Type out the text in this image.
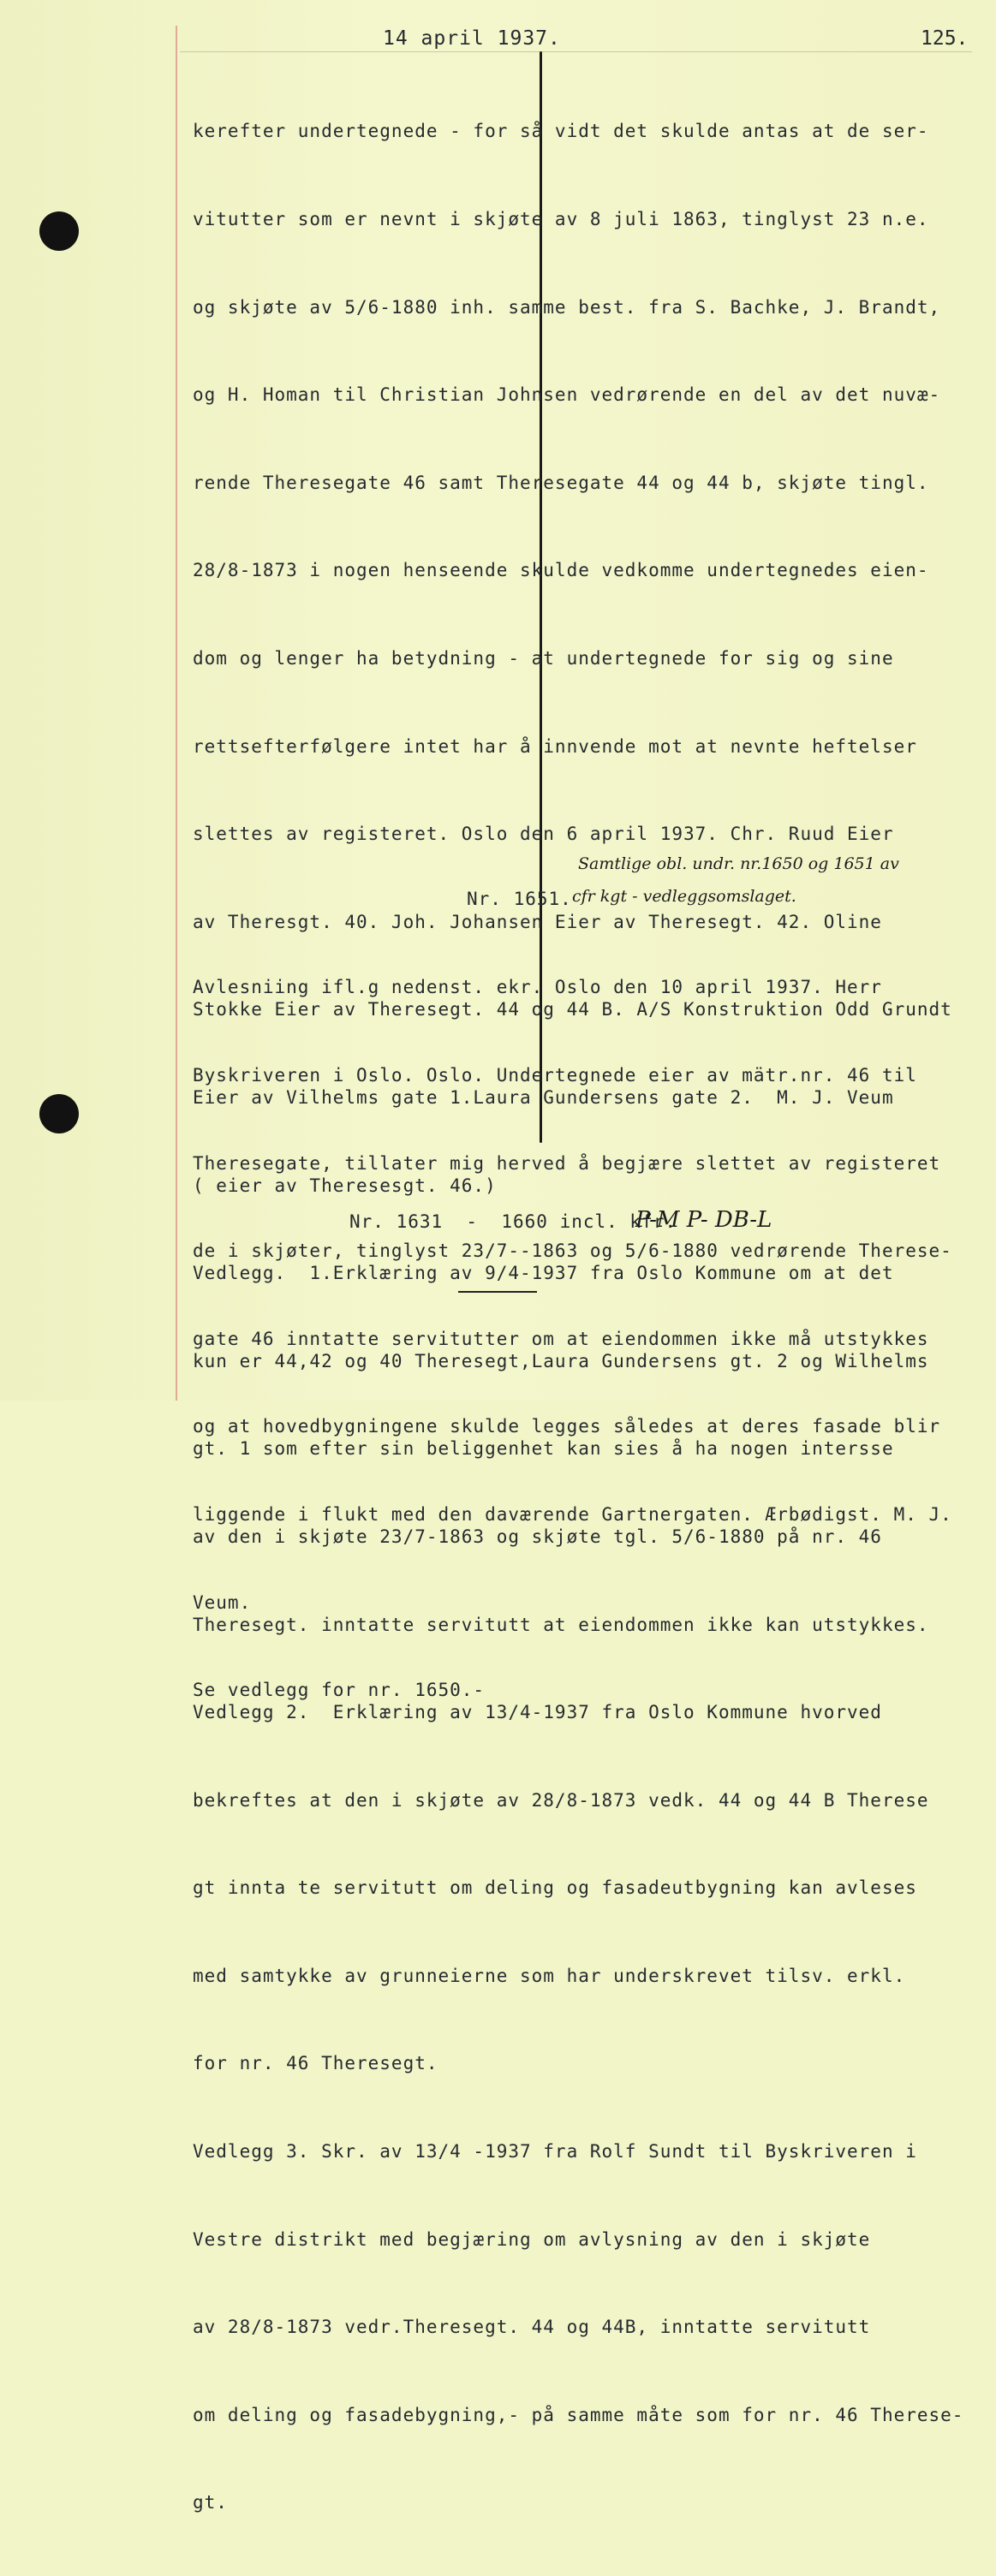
14 april 1937.	125.

kerefter undertegnede - for så vidt det skulde antas at de ser-

vitutter som er nevnt i skjøte av 8 juli 1863, tinglyst 23 n.e.

og skjøte av 5/6-1880 inh. samme best. fra S. Bachke, J. Brandt,

og H. Homan til Christian Johnsen vedrørende en del av det nuvæ-

rende Theresegate 46 samt Theresegate 44 og 44 b, skjøte tingl.

28/8-1873 i nogen henseende skulde vedkomme undertegnedes eien-

dom og lenger ha betydning - at undertegnede for sig og sine

rettsefterfølgere intet har å innvende mot at nevnte heftelser

slettes av registeret. Oslo den 6 april 1937. Chr. Ruud Eier

av Theresgt. 40. Joh. Johansen Eier av Theresegt. 42. Oline

Stokke Eier av Theresegt. 44 og 44 B. A/S Konstruktion Odd Grundt

Eier av Vilhelms gate 1.Laura Gundersens gate 2.  M. J. Veum

( eier av Theresesgt. 46.)

Vedlegg.  1.Erklæring av 9/4-1937 fra Oslo Kommune om at det

kun er 44,42 og 40 Theresegt,Laura Gundersens gt. 2 og Wilhelms

gt. 1 som efter sin beliggenhet kan sies å ha nogen intersse

av den i skjøte 23/7-1863 og skjøte tgl. 5/6-1880 på nr. 46

Theresegt. inntatte servitutt at eiendommen ikke kan utstykkes.

Vedlegg 2.  Erklæring av 13/4-1937 fra Oslo Kommune hvorved

bekreftes at den i skjøte av 28/8-1873 vedk. 44 og 44 B Therese

gt innta te servitutt om deling og fasadeutbygning kan avleses

med samtykke av grunneierne som har underskrevet tilsv. erkl.

for nr. 46 Theresegt.

Vedlegg 3. Skr. av 13/4 -1937 fra Rolf Sundt til Byskriveren i

Vestre distrikt med begjæring om avlysning av den i skjøte

av 28/8-1873 vedr.Theresegt. 44 og 44B, inntatte servitutt

om deling og fasadebygning,- på samme måte som for nr. 46 Therese-

gt.

Samtlige obl. undr. nr.1650 og 1651 av
Nr. 1651. cfr kgt - vedleggsomslaget.

Avlesniing ifl.g nedenst. ekr. Oslo den 10 april 1937. Herr

Byskriveren i Oslo. Oslo. Undertegnede eier av mätr.nr. 46 til

Theresegate, tillater mig herved å begjære slettet av registeret

de i skjøter, tinglyst 23/7--1863 og 5/6-1880 vedrørende Therese-

gate 46 inntatte servitutter om at eiendommen ikke må utstykkes

og at hovedbygningene skulde legges således at deres fasade blir

liggende i flukt med den daværende Gartnergaten. Ærbødigst. M. J.

Veum.

Se vedlegg for nr. 1650.-

Nr. 1631  -  1660 incl. kfr.
P-M P- DB-L
